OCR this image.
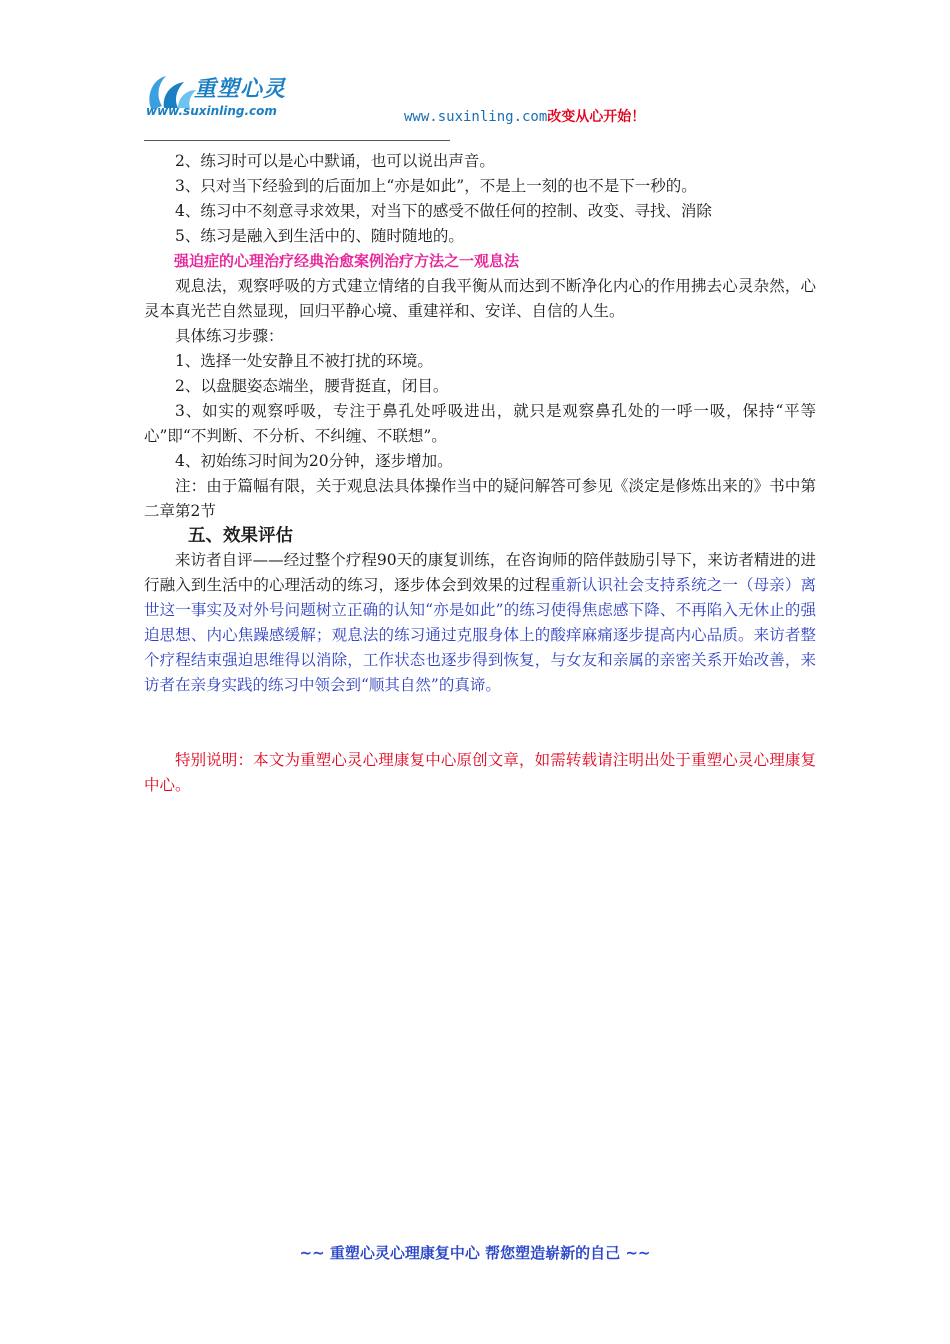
重塑心灵
www.suxinling.com	www.suxinling.com改变从心开始！

2、练习时可以是心中默诵，也可以说出声音。

3、只对当下经验到的后面加上“亦是如此”，不是上一刻的也不是下一秒的。

4、练习中不刻意寻求效果，对当下的感受不做任何的控制、改变、寻找、消除

5、练习是融入到生活中的、随时随地的。

强迫症的心理治疗经典治愈案例治疗方法之一观息法

观息法，观察呼吸的方式建立情绪的自我平衡从而达到不断净化内心的作用拂去心灵杂然，心灵本真光芒自然显现，回归平静心境、重建祥和、安详、自信的人生。

具体练习步骤：

1、选择一处安静且不被打扰的环境。

2、以盘腿姿态端坐，腰背挺直，闭目。

3、如实的观察呼吸，专注于鼻孔处呼吸进出，就只是观察鼻孔处的一呼一吸，保持“平等心”即“不判断、不分析、不纠缠、不联想”。

4、初始练习时间为20分钟，逐步增加。

注：由于篇幅有限，关于观息法具体操作当中的疑问解答可参见《淡定是修炼出来的》书中第二章第2节

五、效果评估

来访者自评——经过整个疗程90天的康复训练，在咨询师的陪伴鼓励引导下，来访者精进的进行融入到生活中的心理活动的练习，逐步体会到效果的过程重新认识社会支持系统之一（母亲）离世这一事实及对外号问题树立正确的认知“亦是如此”的练习使得焦虑感下降、不再陷入无休止的强迫思想、内心焦躁感缓解；观息法的练习通过克服身体上的酸痒麻痛逐步提高内心品质。来访者整个疗程结束强迫思维得以消除，工作状态也逐步得到恢复，与女友和亲属的亲密关系开始改善，来访者在亲身实践的练习中领会到“顺其自然”的真谛。

特别说明：本文为重塑心灵心理康复中心原创文章，如需转载请注明出处于重塑心灵心理康复中心。

~~ 重塑心灵心理康复中心 帮您塑造崭新的自己 ~~
